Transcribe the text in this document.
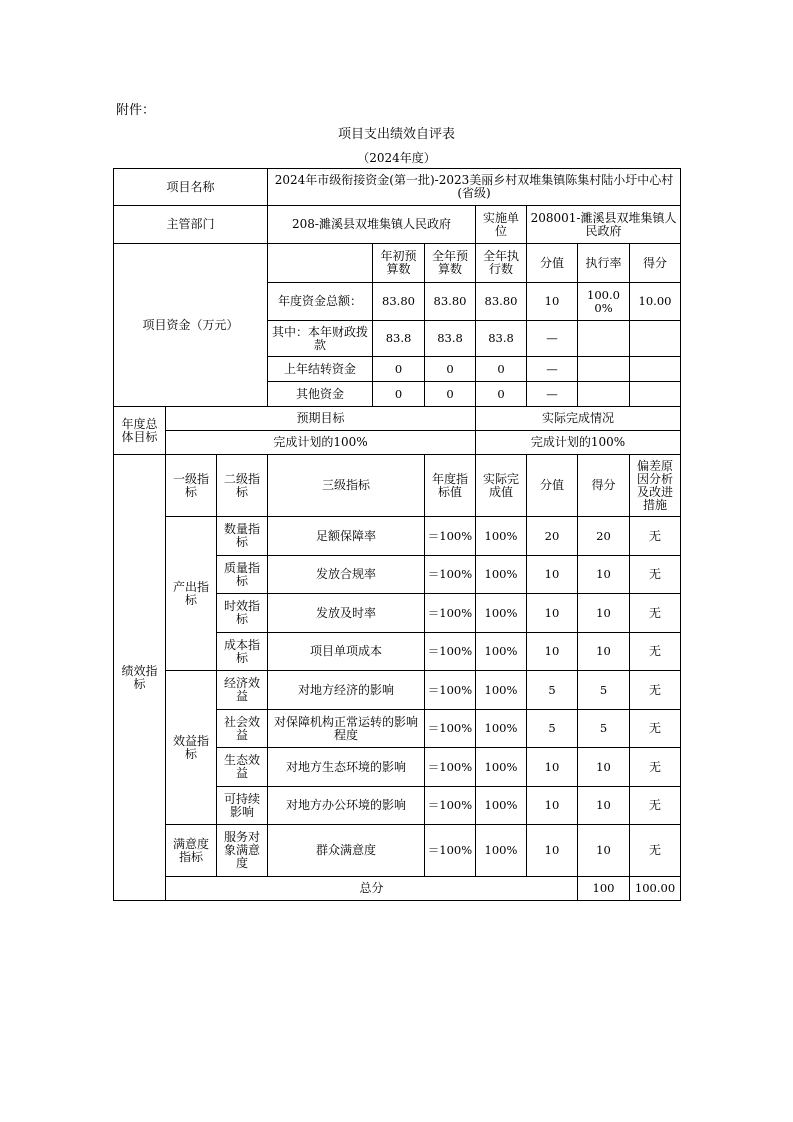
附件：
项目支出绩效自评表
（2024年度）
项目名称			2024年市级衔接资金(第一批)-2023美丽乡村双堆集镇陈集村陆小圩中心村(省级)							
主管部门			208-濉溪县双堆集镇人民政府			实施单位	208001-濉溪县双堆集镇人民政府			
项目资金（万元）				年初预算数	全年预算数	全年执行数	分值	执行率	得分	
			年度资金总额：	83.80	83.80	83.80	10	100.00%	10.00	
			其中：本年财政拨款	83.8	83.8	83.8	—			
			上年结转资金	0	0	0	—			
			其他资金	0	0	0	—			
年度总体目标	预期目标					实际完成情况				
	完成计划的100%					完成计划的100%				
绩效指标	一级指标	二级指标	三级指标		年度指标值	实际完成值	分值	得分	偏差原因分析及改进措施	
	产出指标	数量指标	足额保障率		＝100%	100%	20	20	无	
		质量指标	发放合规率		＝100%	100%	10	10	无	
		时效指标	发放及时率		＝100%	100%	10	10	无	
		成本指标	项目单项成本		＝100%	100%	10	10	无	
	效益指标	经济效益	对地方经济的影响		＝100%	100%	5	5	无	
		社会效益	对保障机构正常运转的影响程度		＝100%	100%	5	5	无	
		生态效益	对地方生态环境的影响		＝100%	100%	10	10	无	
		可持续影响	对地方办公环境的影响		＝100%	100%	10	10	无	
	满意度指标	服务对象满意度	群众满意度		＝100%	100%	10	10	无	
	总分							100	100.00	
